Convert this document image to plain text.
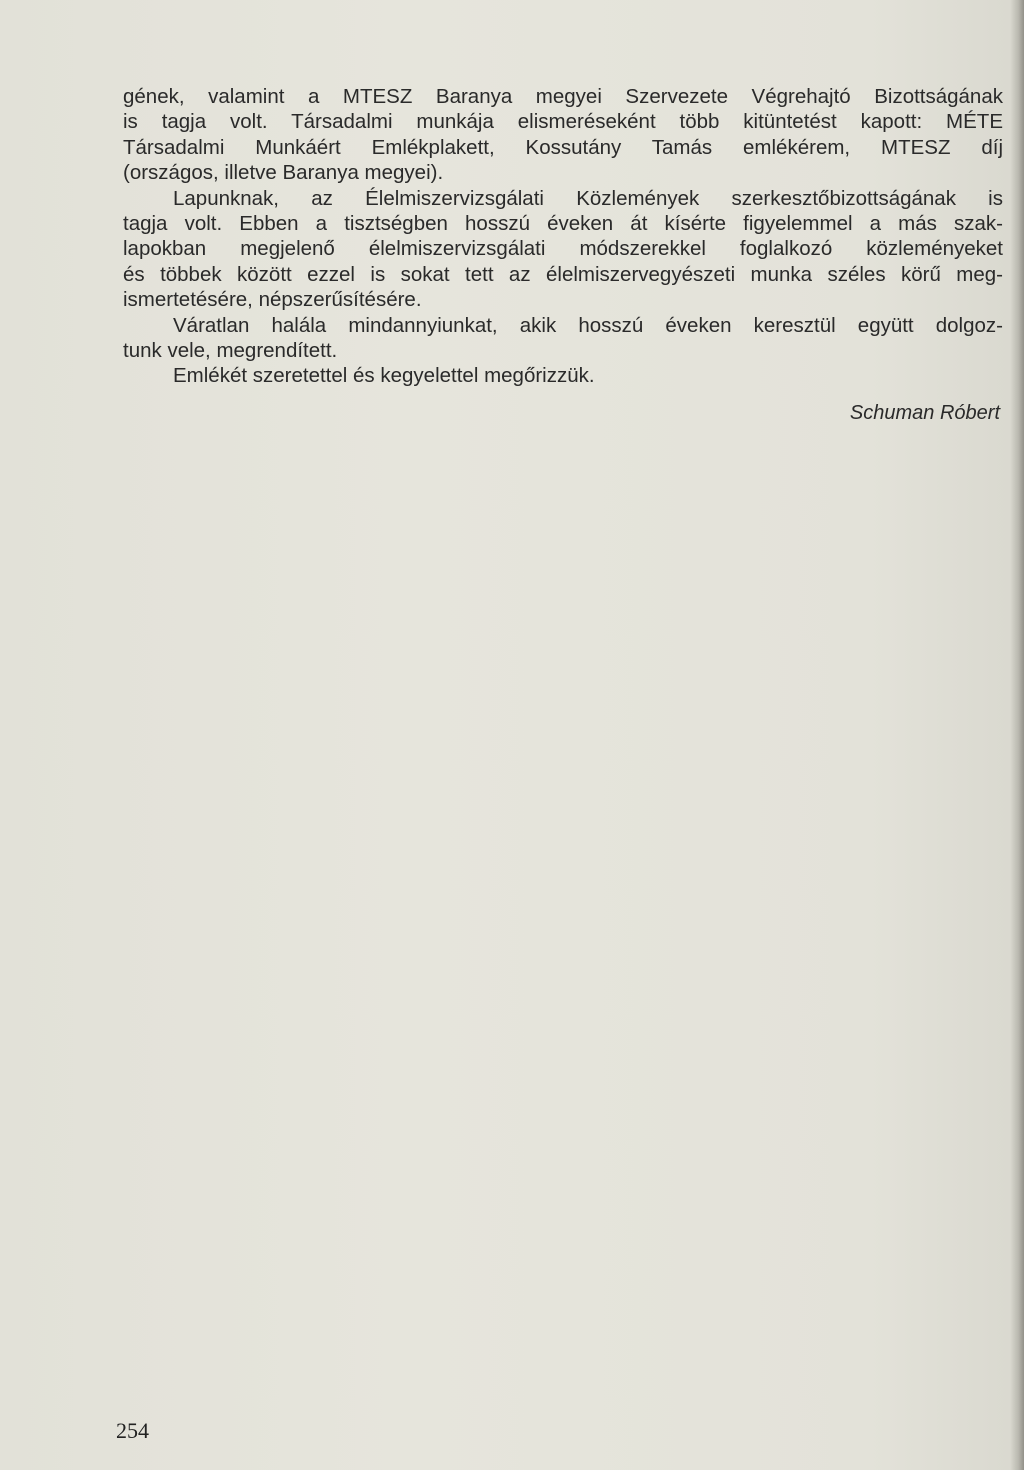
gének, valamint a MTESZ Baranya megyei Szervezete Végrehajtó Bizottságának
is tagja volt. Társadalmi munkája elismeréseként több kitüntetést kapott: MÉTE
Társadalmi Munkáért Emlékplakett, Kossutány Tamás emlékérem, MTESZ díj
(országos, illetve Baranya megyei).
Lapunknak, az Élelmiszervizsgálati Közlemények szerkesztőbizottságának is
tagja volt. Ebben a tisztségben hosszú éveken át kísérte figyelemmel a más szak-
lapokban megjelenő élelmiszervizsgálati módszerekkel foglalkozó közleményeket
és többek között ezzel is sokat tett az élelmiszervegyészeti munka széles körű meg-
ismertetésére, népszerűsítésére.
Váratlan halála mindannyiunkat, akik hosszú éveken keresztül együtt dolgoz-
tunk vele, megrendített.
Emlékét szeretettel és kegyelettel megőrizzük.
Schuman Róbert
254
